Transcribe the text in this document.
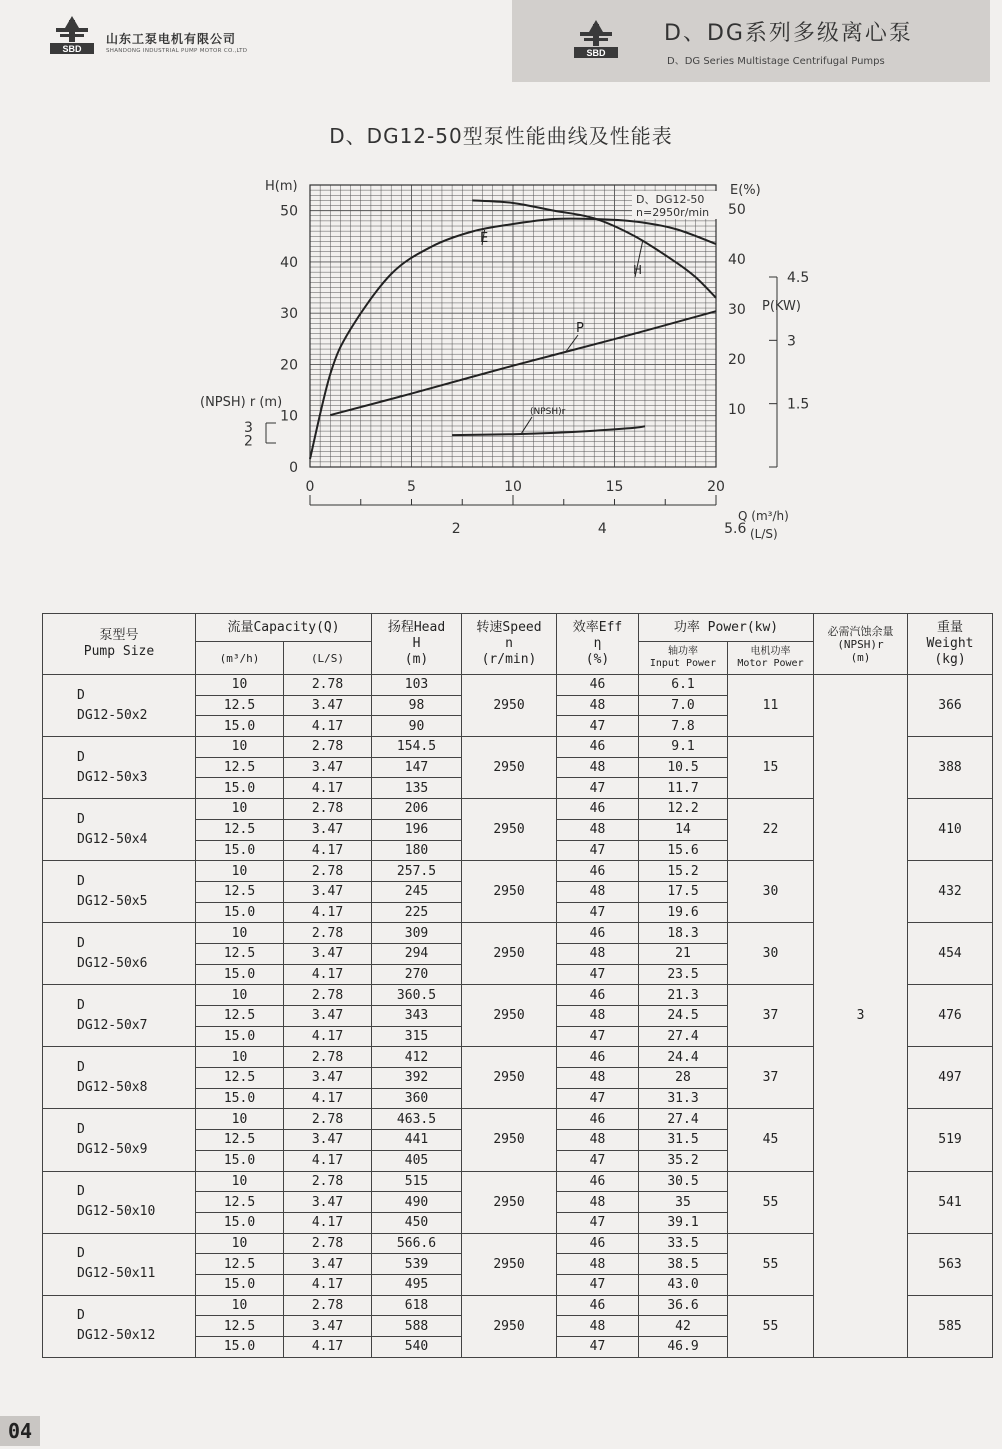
SBD
山东工泵电机有限公司
SHANDONG INDUSTRIAL PUMP MOTOR CO.,LTD	SBD
D、DG系列多级离心泵
D、DG Series Multistage Centrifugal Pumps
D、DG12-50型泵性能曲线及性能表
D、DG12-50
n=2950r/min
H(m)	E(%)
P(KW)
(NPSH) r (m)
Q (m³/h)
(L/S)
0
10
20
30
40
50
10
20
30
40
50
0	5	10	15	20
1.5
3
4.5
2
3
2	4	5.6
E
H
P
(NPSH)r
泵型号
Pump Size	流量Capacity(Q)		扬程Head
H
(m)	转速Speed
n
(r/min)	效率Eff
η
(%)	功率 Power(kw)		必需汽蚀余量
(NPSH)r
(m)	重量
Weight
(kg)
	(m³/h)	(L/S)				轴功率
Input Power	电机功率
Motor Power		
D
DG12-50x2	10	2.78	103	2950	46	6.1	11	3	366
	12.5	3.47	98		48	7.0			
	15.0	4.17	90		47	7.8			
D
DG12-50x3	10	2.78	154.5	2950	46	9.1	15		388
	12.5	3.47	147		48	10.5			
	15.0	4.17	135		47	11.7			
D
DG12-50x4	10	2.78	206	2950	46	12.2	22		410
	12.5	3.47	196		48	14			
	15.0	4.17	180		47	15.6			
D
DG12-50x5	10	2.78	257.5	2950	46	15.2	30		432
	12.5	3.47	245		48	17.5			
	15.0	4.17	225		47	19.6			
D
DG12-50x6	10	2.78	309	2950	46	18.3	30		454
	12.5	3.47	294		48	21			
	15.0	4.17	270		47	23.5			
D
DG12-50x7	10	2.78	360.5	2950	46	21.3	37		476
	12.5	3.47	343		48	24.5			
	15.0	4.17	315		47	27.4			
D
DG12-50x8	10	2.78	412	2950	46	24.4	37		497
	12.5	3.47	392		48	28			
	15.0	4.17	360		47	31.3			
D
DG12-50x9	10	2.78	463.5	2950	46	27.4	45		519
	12.5	3.47	441		48	31.5			
	15.0	4.17	405		47	35.2			
D
DG12-50x10	10	2.78	515	2950	46	30.5	55		541
	12.5	3.47	490		48	35			
	15.0	4.17	450		47	39.1			
D
DG12-50x11	10	2.78	566.6	2950	46	33.5	55		563
	12.5	3.47	539		48	38.5			
	15.0	4.17	495		47	43.0			
D
DG12-50x12	10	2.78	618	2950	46	36.6	55		585
	12.5	3.47	588		48	42			
	15.0	4.17	540		47	46.9			
04
